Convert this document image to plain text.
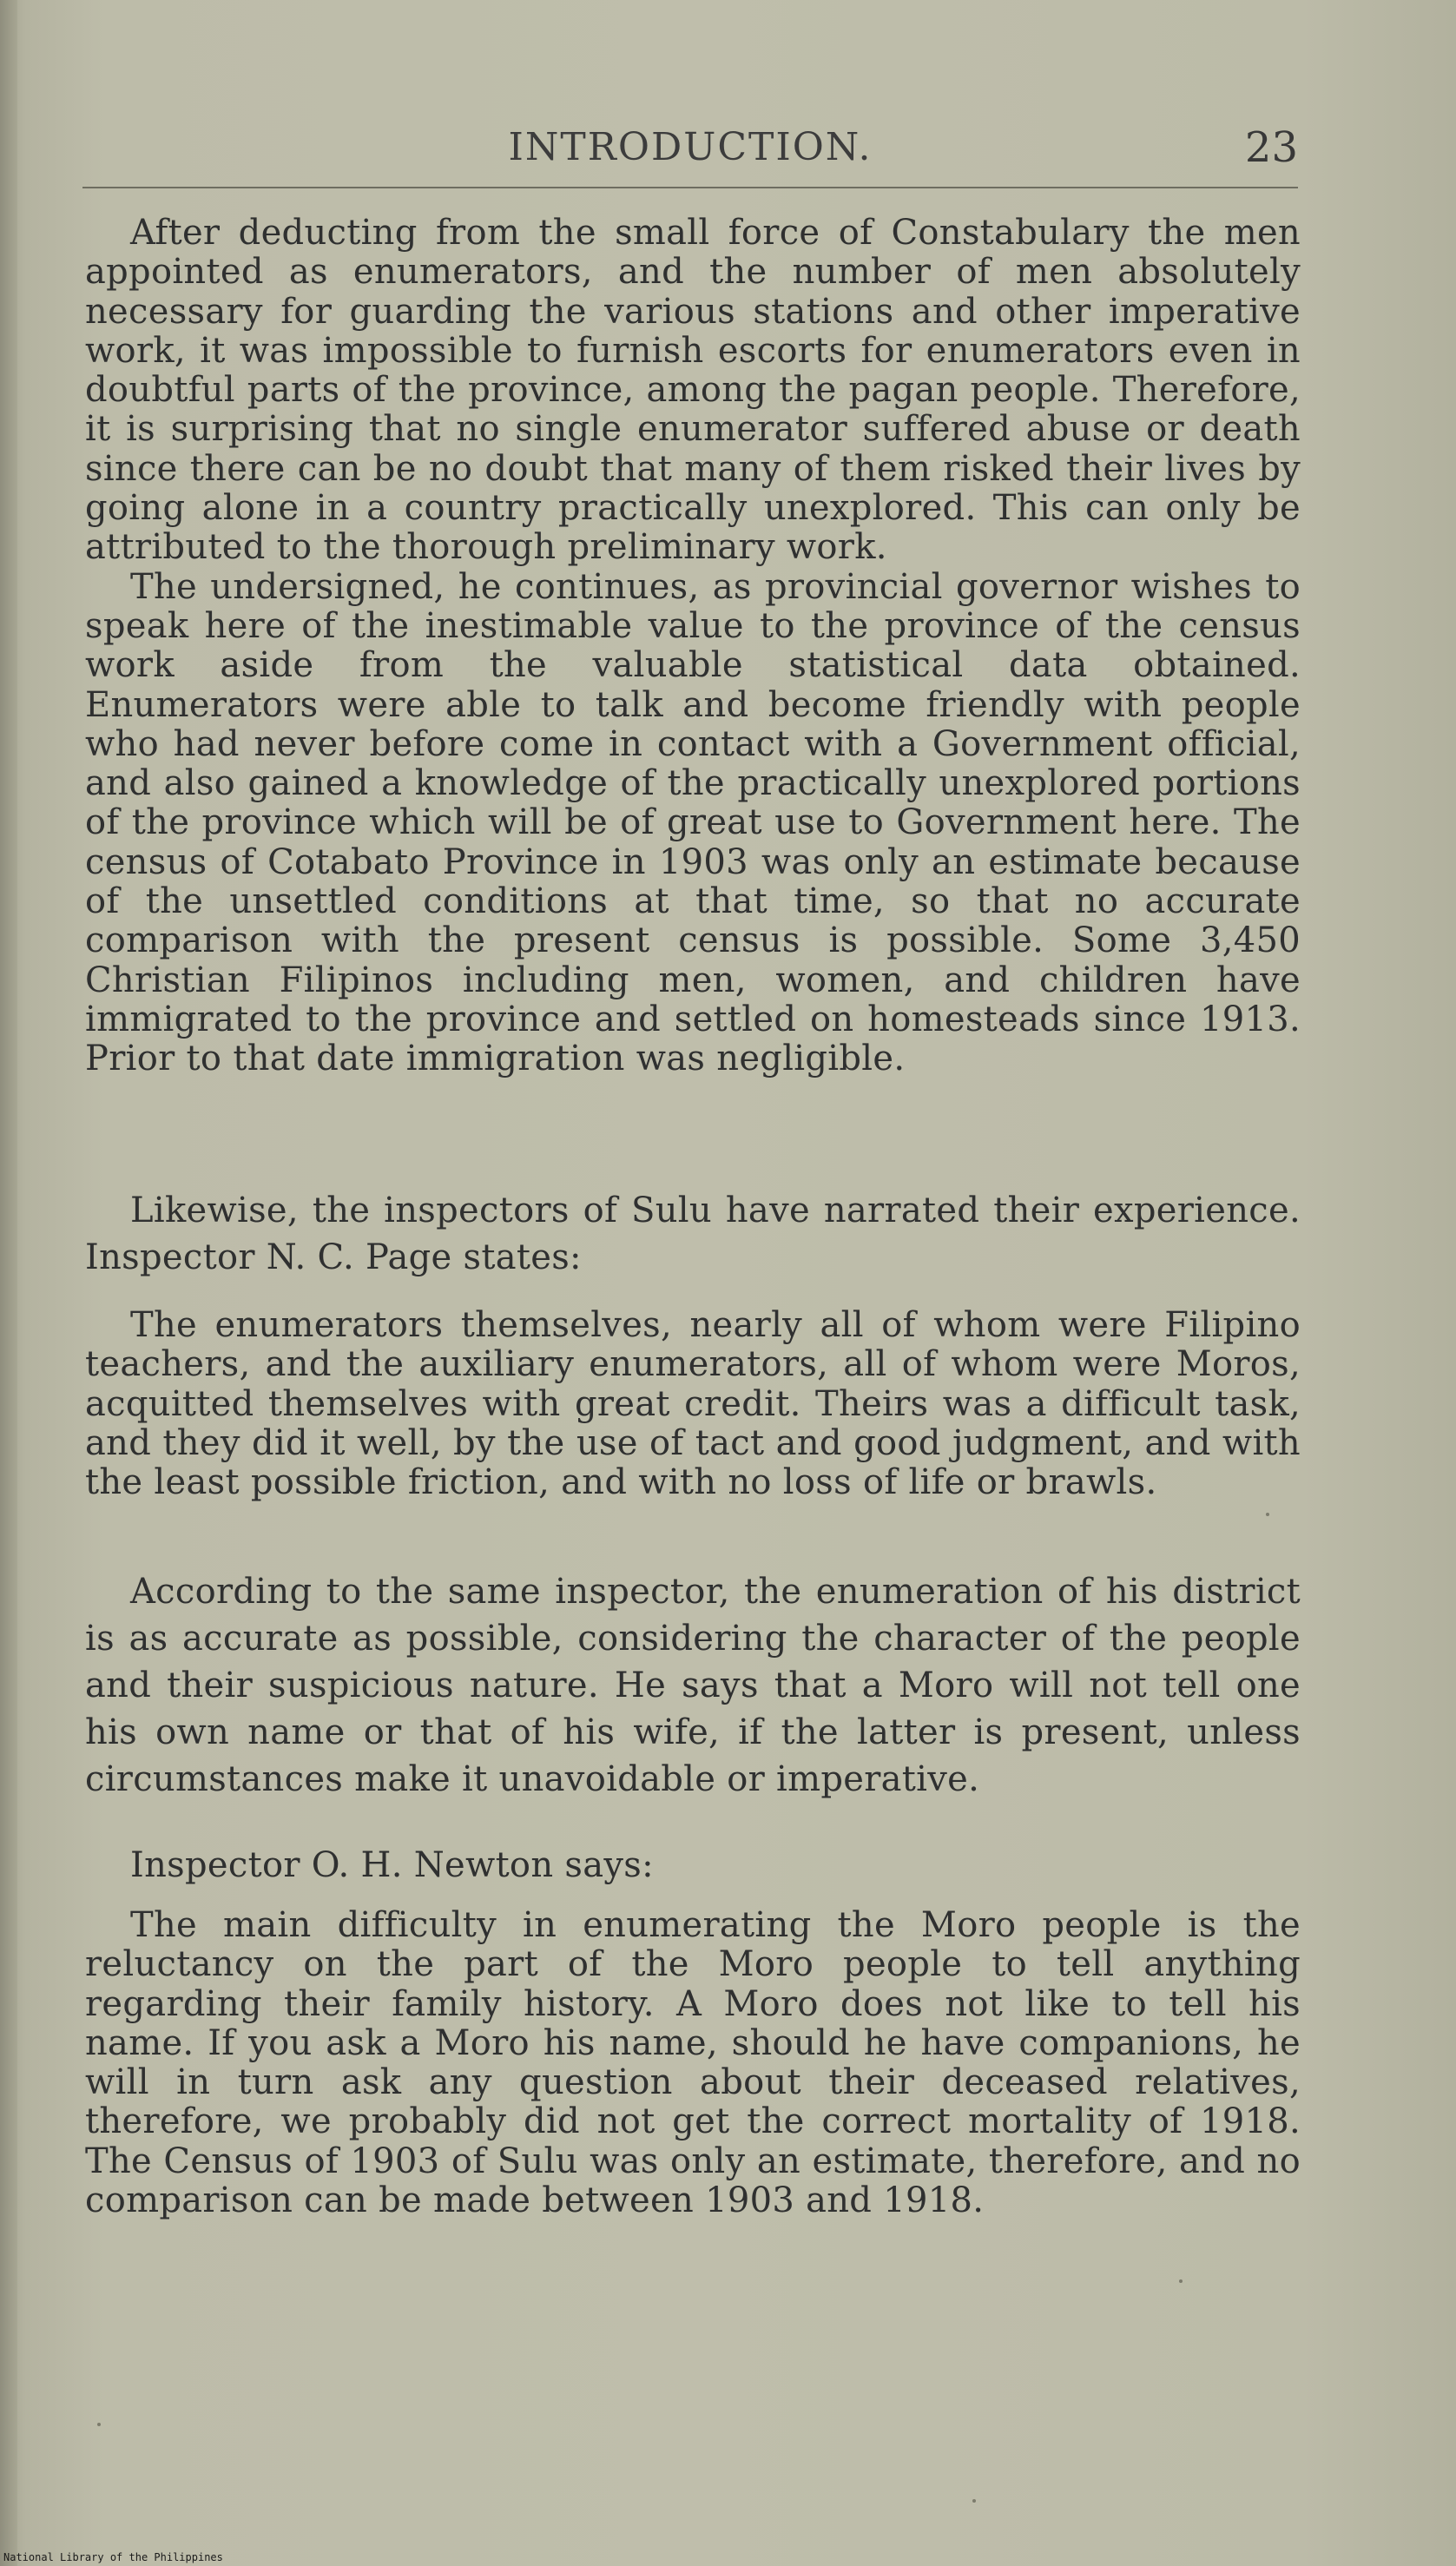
INTRODUCTION.	23

After deducting from the small force of Constabulary the men appointed as enumerators, and the number of men absolutely necessary for guarding the various stations and other imperative work, it was impossible to furnish escorts for enumerators even in doubtful parts of the province, among the pagan people. Therefore, it is surprising that no single enumerator suffered abuse or death since there can be no doubt that many of them risked their lives by going alone in a country practically unexplored. This can only be attributed to the thorough preliminary work.

The undersigned, he continues, as provincial governor wishes to speak here of the inestimable value to the province of the census work aside from the valuable statistical data obtained. Enumerators were able to talk and become friendly with people who had never before come in contact with a Government official, and also gained a knowledge of the practically unexplored portions of the province which will be of great use to Government here. The census of Cotabato Province in 1903 was only an estimate because of the unsettled conditions at that time, so that no accurate comparison with the present census is possible. Some 3,450 Christian Filipinos including men, women, and children have immigrated to the province and settled on homesteads since 1913. Prior to that date immigration was negligible.

Likewise, the inspectors of Sulu have narrated their experience. Inspector N. C. Page states:

The enumerators themselves, nearly all of whom were Filipino teachers, and the auxiliary enumerators, all of whom were Moros, acquitted themselves with great credit. Theirs was a difficult task, and they did it well, by the use of tact and good judgment, and with the least possible friction, and with no loss of life or brawls.

According to the same inspector, the enumeration of his district is as accurate as possible, considering the character of the people and their suspicious nature. He says that a Moro will not tell one his own name or that of his wife, if the latter is present, unless circumstances make it unavoidable or imperative.

Inspector O. H. Newton says:

The main difficulty in enumerating the Moro people is the reluctancy on the part of the Moro people to tell anything regarding their family history. A Moro does not like to tell his name. If you ask a Moro his name, should he have companions, he will in turn ask any question about their deceased relatives, therefore, we probably did not get the correct mortality of 1918. The Census of 1903 of Sulu was only an estimate, therefore, and no comparison can be made between 1903 and 1918.

National Library of the Philippines
